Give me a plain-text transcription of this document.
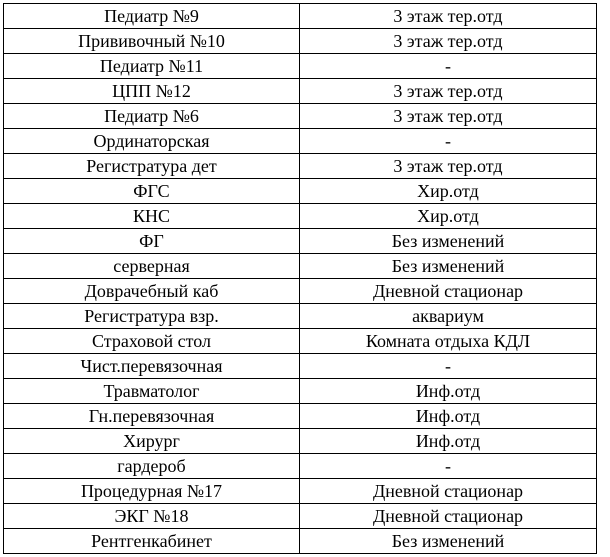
Педиатр №9	3 этаж тер.отд
Прививочный №10	3 этаж тер.отд
Педиатр №11	-
ЦПП №12	3 этаж тер.отд
Педиатр №6	3 этаж тер.отд
Ординаторская	-
Регистратура дет	3 этаж тер.отд
ФГС	Хир.отд
КНС	Хир.отд
ФГ	Без изменений
серверная	Без изменений
Доврачебный каб	Дневной стационар
Регистратура взр.	аквариум
Страховой стол	Комната отдыха КДЛ
Чист.перевязочная	-
Травматолог	Инф.отд
Гн.перевязочная	Инф.отд
Хирург	Инф.отд
гардероб	-
Процедурная №17	Дневной стационар
ЭКГ №18	Дневной стационар
Рентгенкабинет	Без изменений
